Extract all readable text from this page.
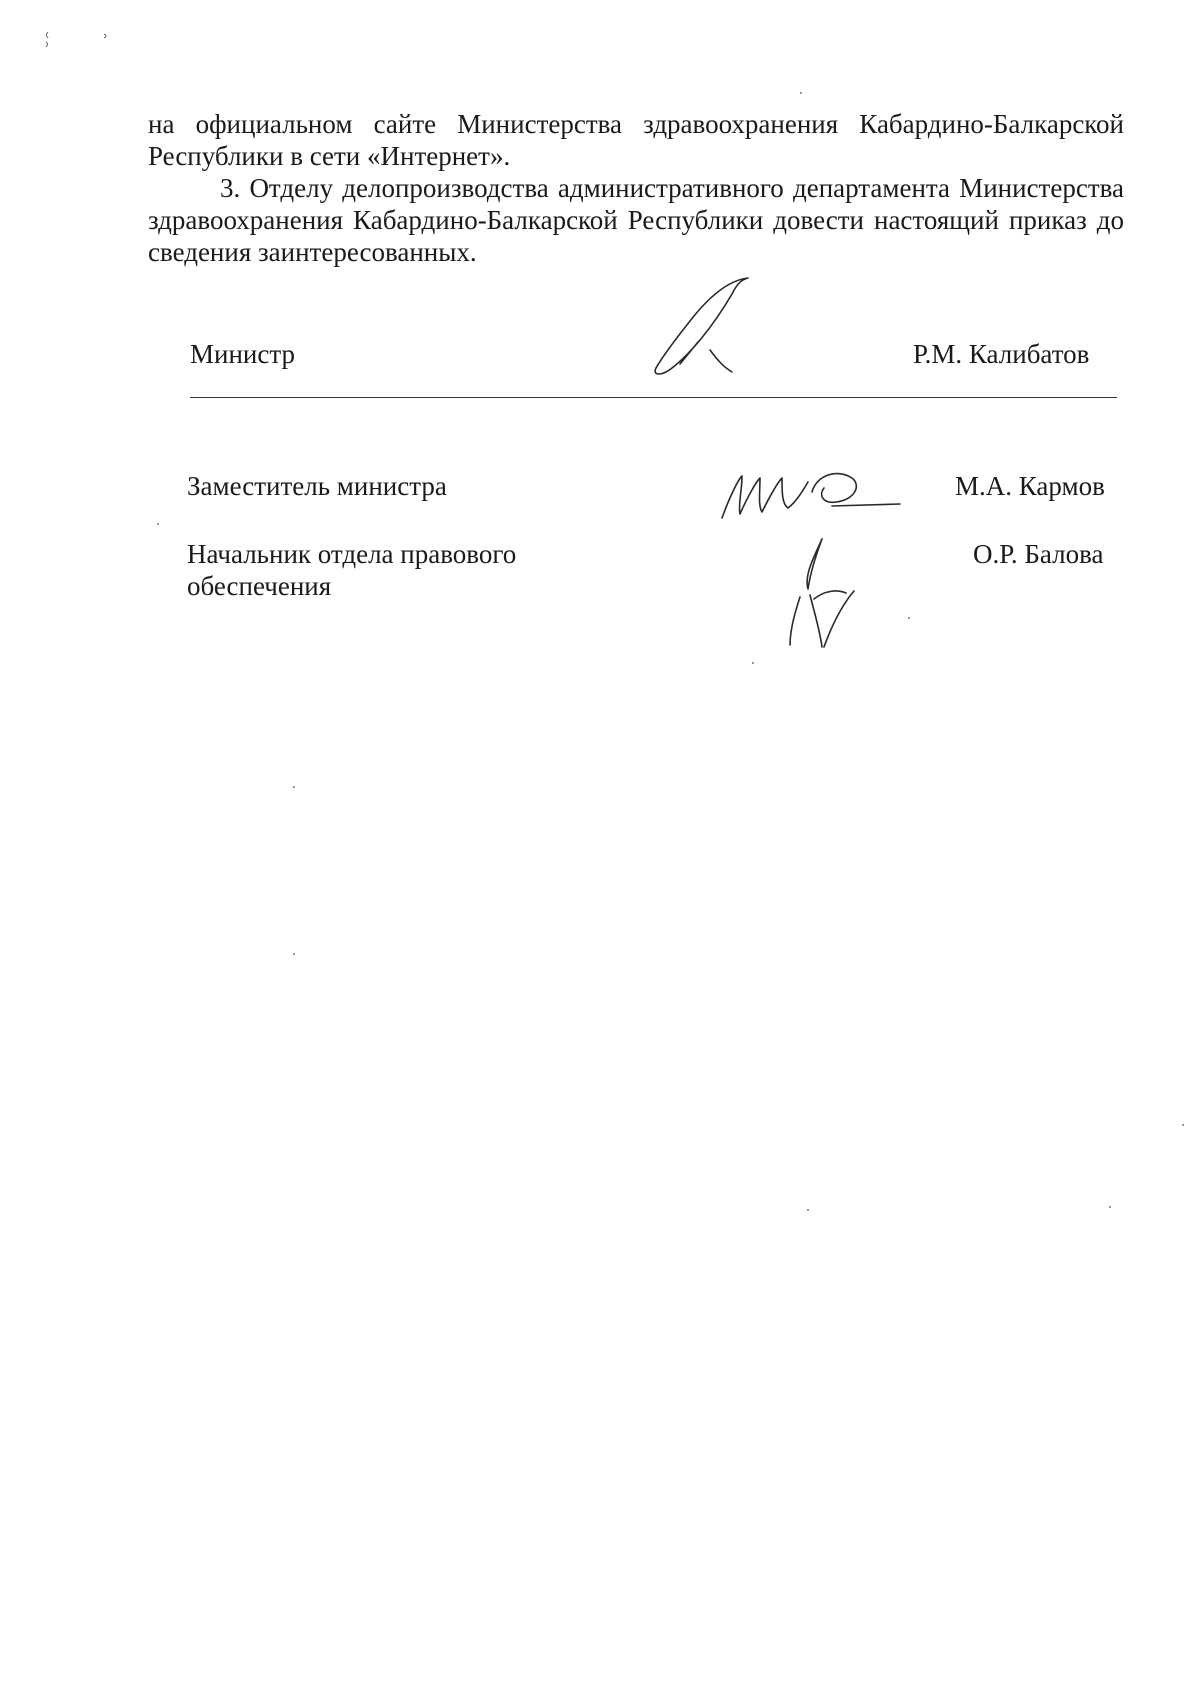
на официальном сайте Министерства здравоохранения Кабардино-Балкарской Республики в сети «Интернет».

3. Отделу делопроизводства административного департамента Министерства здравоохранения Кабардино-Балкарской Республики довести настоящий приказ до сведения заинтересованных.

Министр	Р.М. Калибатов
Заместитель министра	М.А. Кармов
Начальник отдела правового обеспечения
О.Р. Балова
